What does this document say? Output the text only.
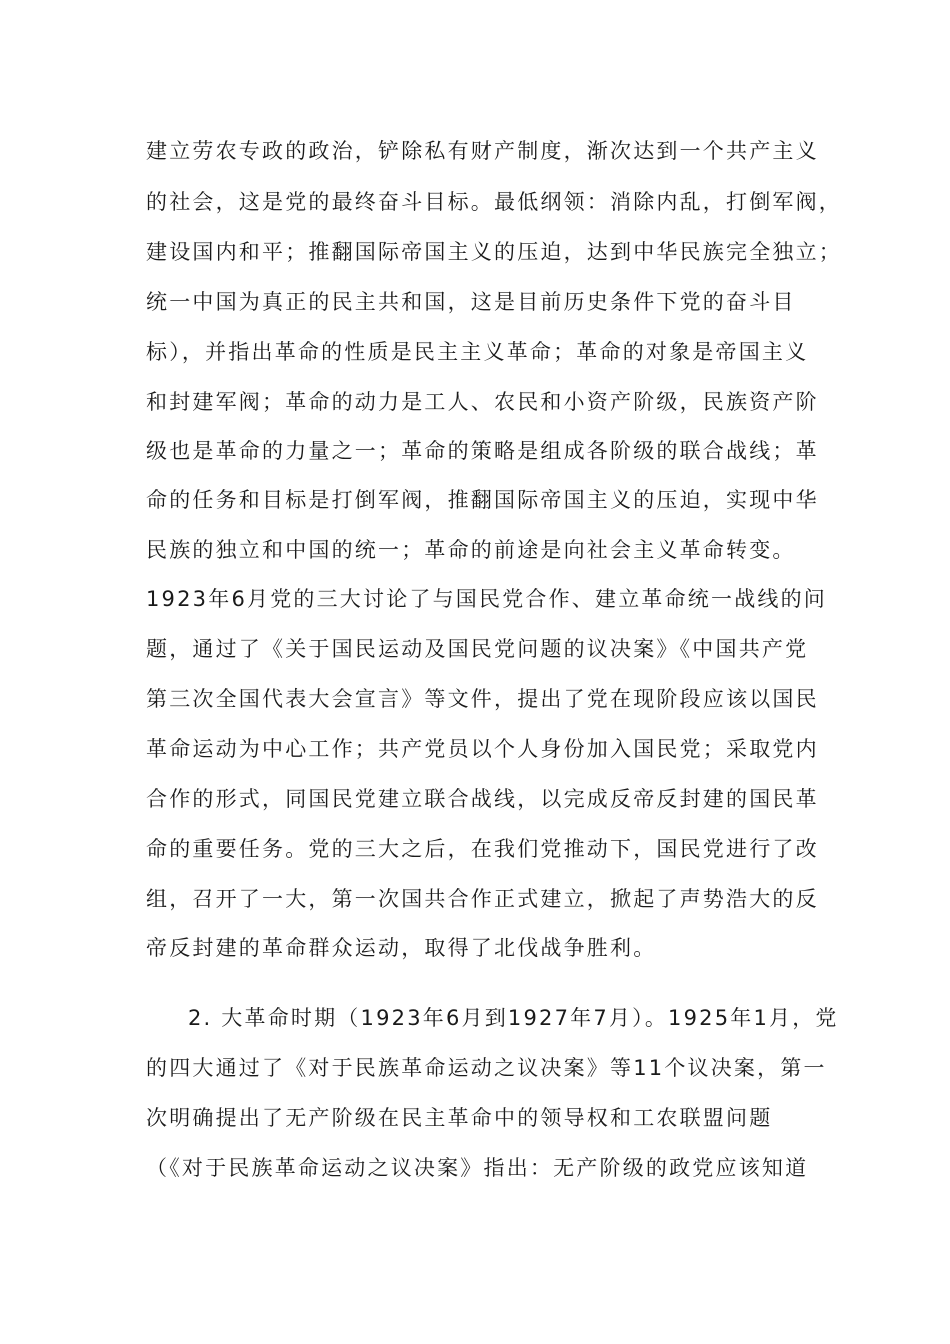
建立劳农专政的政治，铲除私有财产制度，渐次达到一个共产主义

的社会，这是党的最终奋斗目标。最低纲领：消除内乱，打倒军阀，

建设国内和平；推翻国际帝国主义的压迫，达到中华民族完全独立；

统一中国为真正的民主共和国，这是目前历史条件下党的奋斗目

标），并指出革命的性质是民主主义革命；革命的对象是帝国主义

和封建军阀；革命的动力是工人、农民和小资产阶级，民族资产阶

级也是革命的力量之一；革命的策略是组成各阶级的联合战线；革

命的任务和目标是打倒军阀，推翻国际帝国主义的压迫，实现中华

民族的独立和中国的统一；革命的前途是向社会主义革命转变。

1923年6月党的三大讨论了与国民党合作、建立革命统一战线的问

题，通过了《关于国民运动及国民党问题的议决案》《中国共产党

第三次全国代表大会宣言》等文件，提出了党在现阶段应该以国民

革命运动为中心工作；共产党员以个人身份加入国民党；采取党内

合作的形式，同国民党建立联合战线，以完成反帝反封建的国民革

命的重要任务。党的三大之后，在我们党推动下，国民党进行了改

组，召开了一大，第一次国共合作正式建立，掀起了声势浩大的反

帝反封建的革命群众运动，取得了北伐战争胜利。

2. 大革命时期（1923年6月到1927年7月）。1925年1月，党

的四大通过了《对于民族革命运动之议决案》等11个议决案，第一

次明确提出了无产阶级在民主革命中的领导权和工农联盟问题

（《对于民族革命运动之议决案》指出：无产阶级的政党应该知道
